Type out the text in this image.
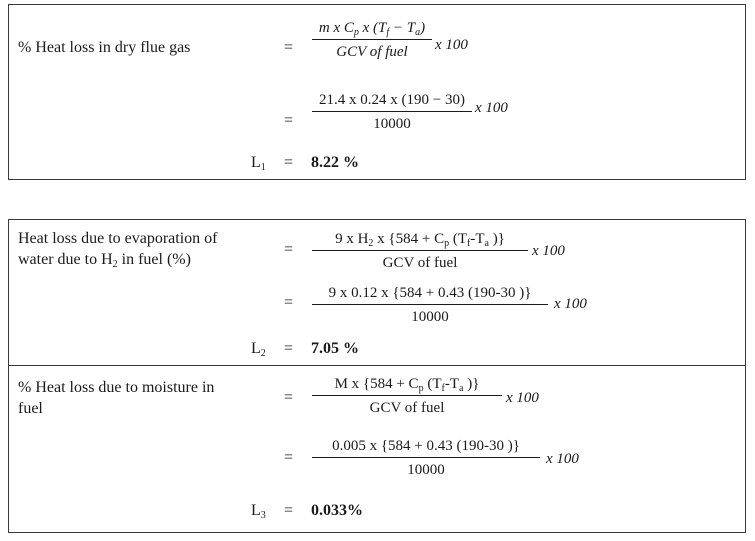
% Heat loss in dry flue gas	=
m x $C_p$ x $(T_f - T_a)$
GCV of fuel	x 100
=
21.4 x 0.24 x (190 − 30)
10000
x 100
$L_1 = 8.22$ %
Heat loss due to evaporation of
water due to $H_2$ in fuel (%)
=
9 x $H_2$ x {$584 + C_p$ ($T_f-T_a$ )}
GCV of fuel
x 100
=
9 x 0.12 x {584 + 0.43 (190-30 )}
10000
x 100
$L_2 = 7.05$ %
% Heat loss due to moisture in
fuel
=
M x {$584 + C_p$ ($T_f-T_a$ )}
GCV of fuel
x 100
=
0.005 x {584 + 0.43 (190-30 )}
10000
x 100
$L_3 = 0.033\%$
